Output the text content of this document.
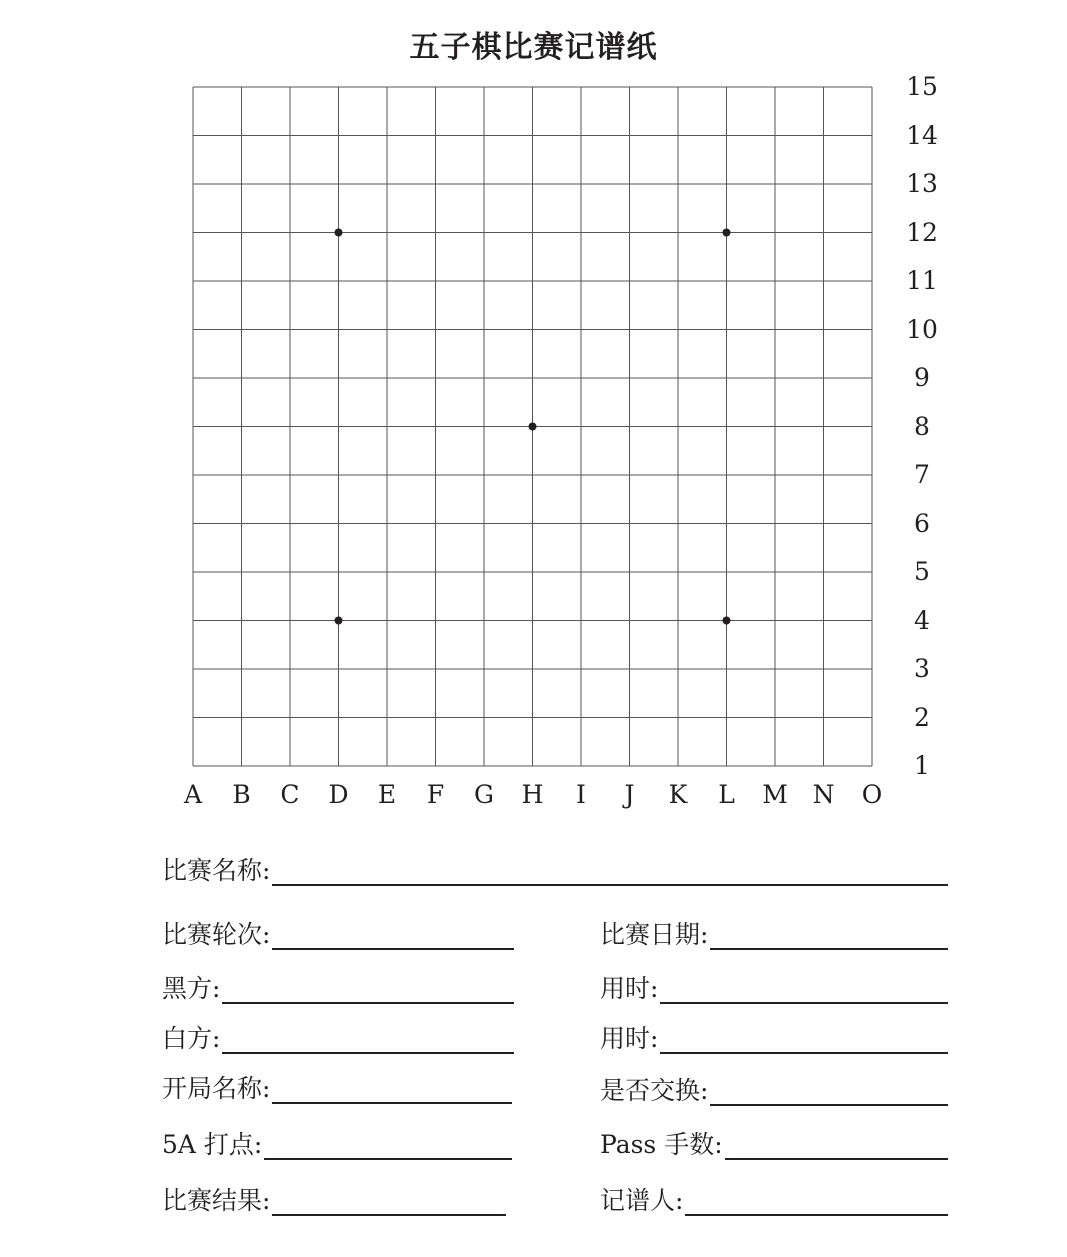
五子棋比赛记谱纸
15
14
13
12
11
10
9
8
7
6
5
4
3
2
1
A	B	C	D	E	F	G	H	I	J	K	L	M N	O
比赛名称:
比赛轮次:	比赛日期:
黑方:	用时:
白方:	用时:
开局名称:	是否交换:
5A 打点:	Pass 手数:
比赛结果:	记谱人:
